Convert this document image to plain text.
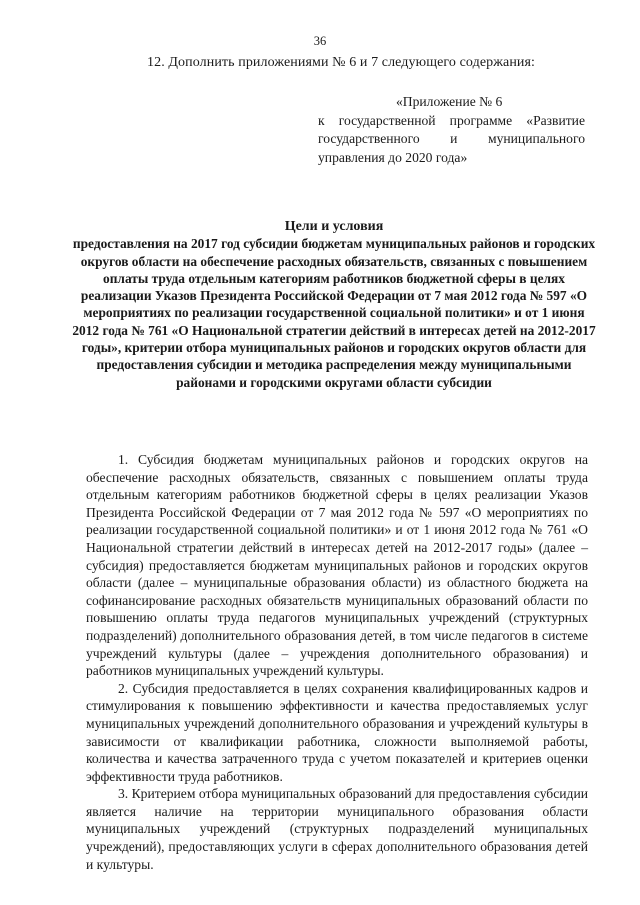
36
12. Дополнить приложениями № 6 и 7 следующего содержания:
«Приложение № 6
к государственной программе «Развитие государственного и муниципального управления до 2020 года»
Цели и условия
предоставления на 2017 год субсидии бюджетам муниципальных районов и городских округов области на обеспечение расходных обязательств, связанных с повышением оплаты труда отдельным категориям работников бюджетной сферы в целях реализации Указов Президента Российской Федерации от 7 мая 2012 года № 597 «О мероприятиях по реализации государственной социальной политики» и от 1 июня 2012 года № 761 «О Национальной стратегии действий в интересах детей на 2012-2017 годы», критерии отбора муниципальных районов и городских округов области для предоставления субсидии и методика распределения между муниципальными районами и городскими округами области субсидии

1. Субсидия бюджетам муниципальных районов и городских округов на обеспечение расходных обязательств, связанных с повышением оплаты труда отдельным категориям работников бюджетной сферы в целях реализации Указов Президента Российской Федерации от 7 мая 2012 года № 597 «О мероприятиях по реализации государственной социальной политики» и от 1 июня 2012 года № 761 «О Национальной стратегии действий в интересах детей на 2012-2017 годы» (далее – субсидия) предоставляется бюджетам муниципальных районов и городских округов области (далее – муниципальные образования области) из областного бюджета на софинансирование расходных обязательств муниципальных образований области по повышению оплаты труда педагогов муниципальных учреждений (структурных подразделений) дополнительного образования детей, в том числе педагогов в системе учреждений культуры (далее – учреждения дополнительного образования) и работников муниципальных учреждений культуры.

2. Субсидия предоставляется в целях сохранения квалифицированных кадров и стимулирования к повышению эффективности и качества предоставляемых услуг муниципальных учреждений дополнительного образования и учреждений культуры в зависимости от квалификации работника, сложности выполняемой работы, количества и качества затраченного труда с учетом показателей и критериев оценки эффективности труда работников.

3. Критерием отбора муниципальных образований для предоставления субсидии является наличие на территории муниципального образования области муниципальных учреждений (структурных подразделений муниципальных учреждений), предоставляющих услуги в сферах дополнительного образования детей и культуры.
